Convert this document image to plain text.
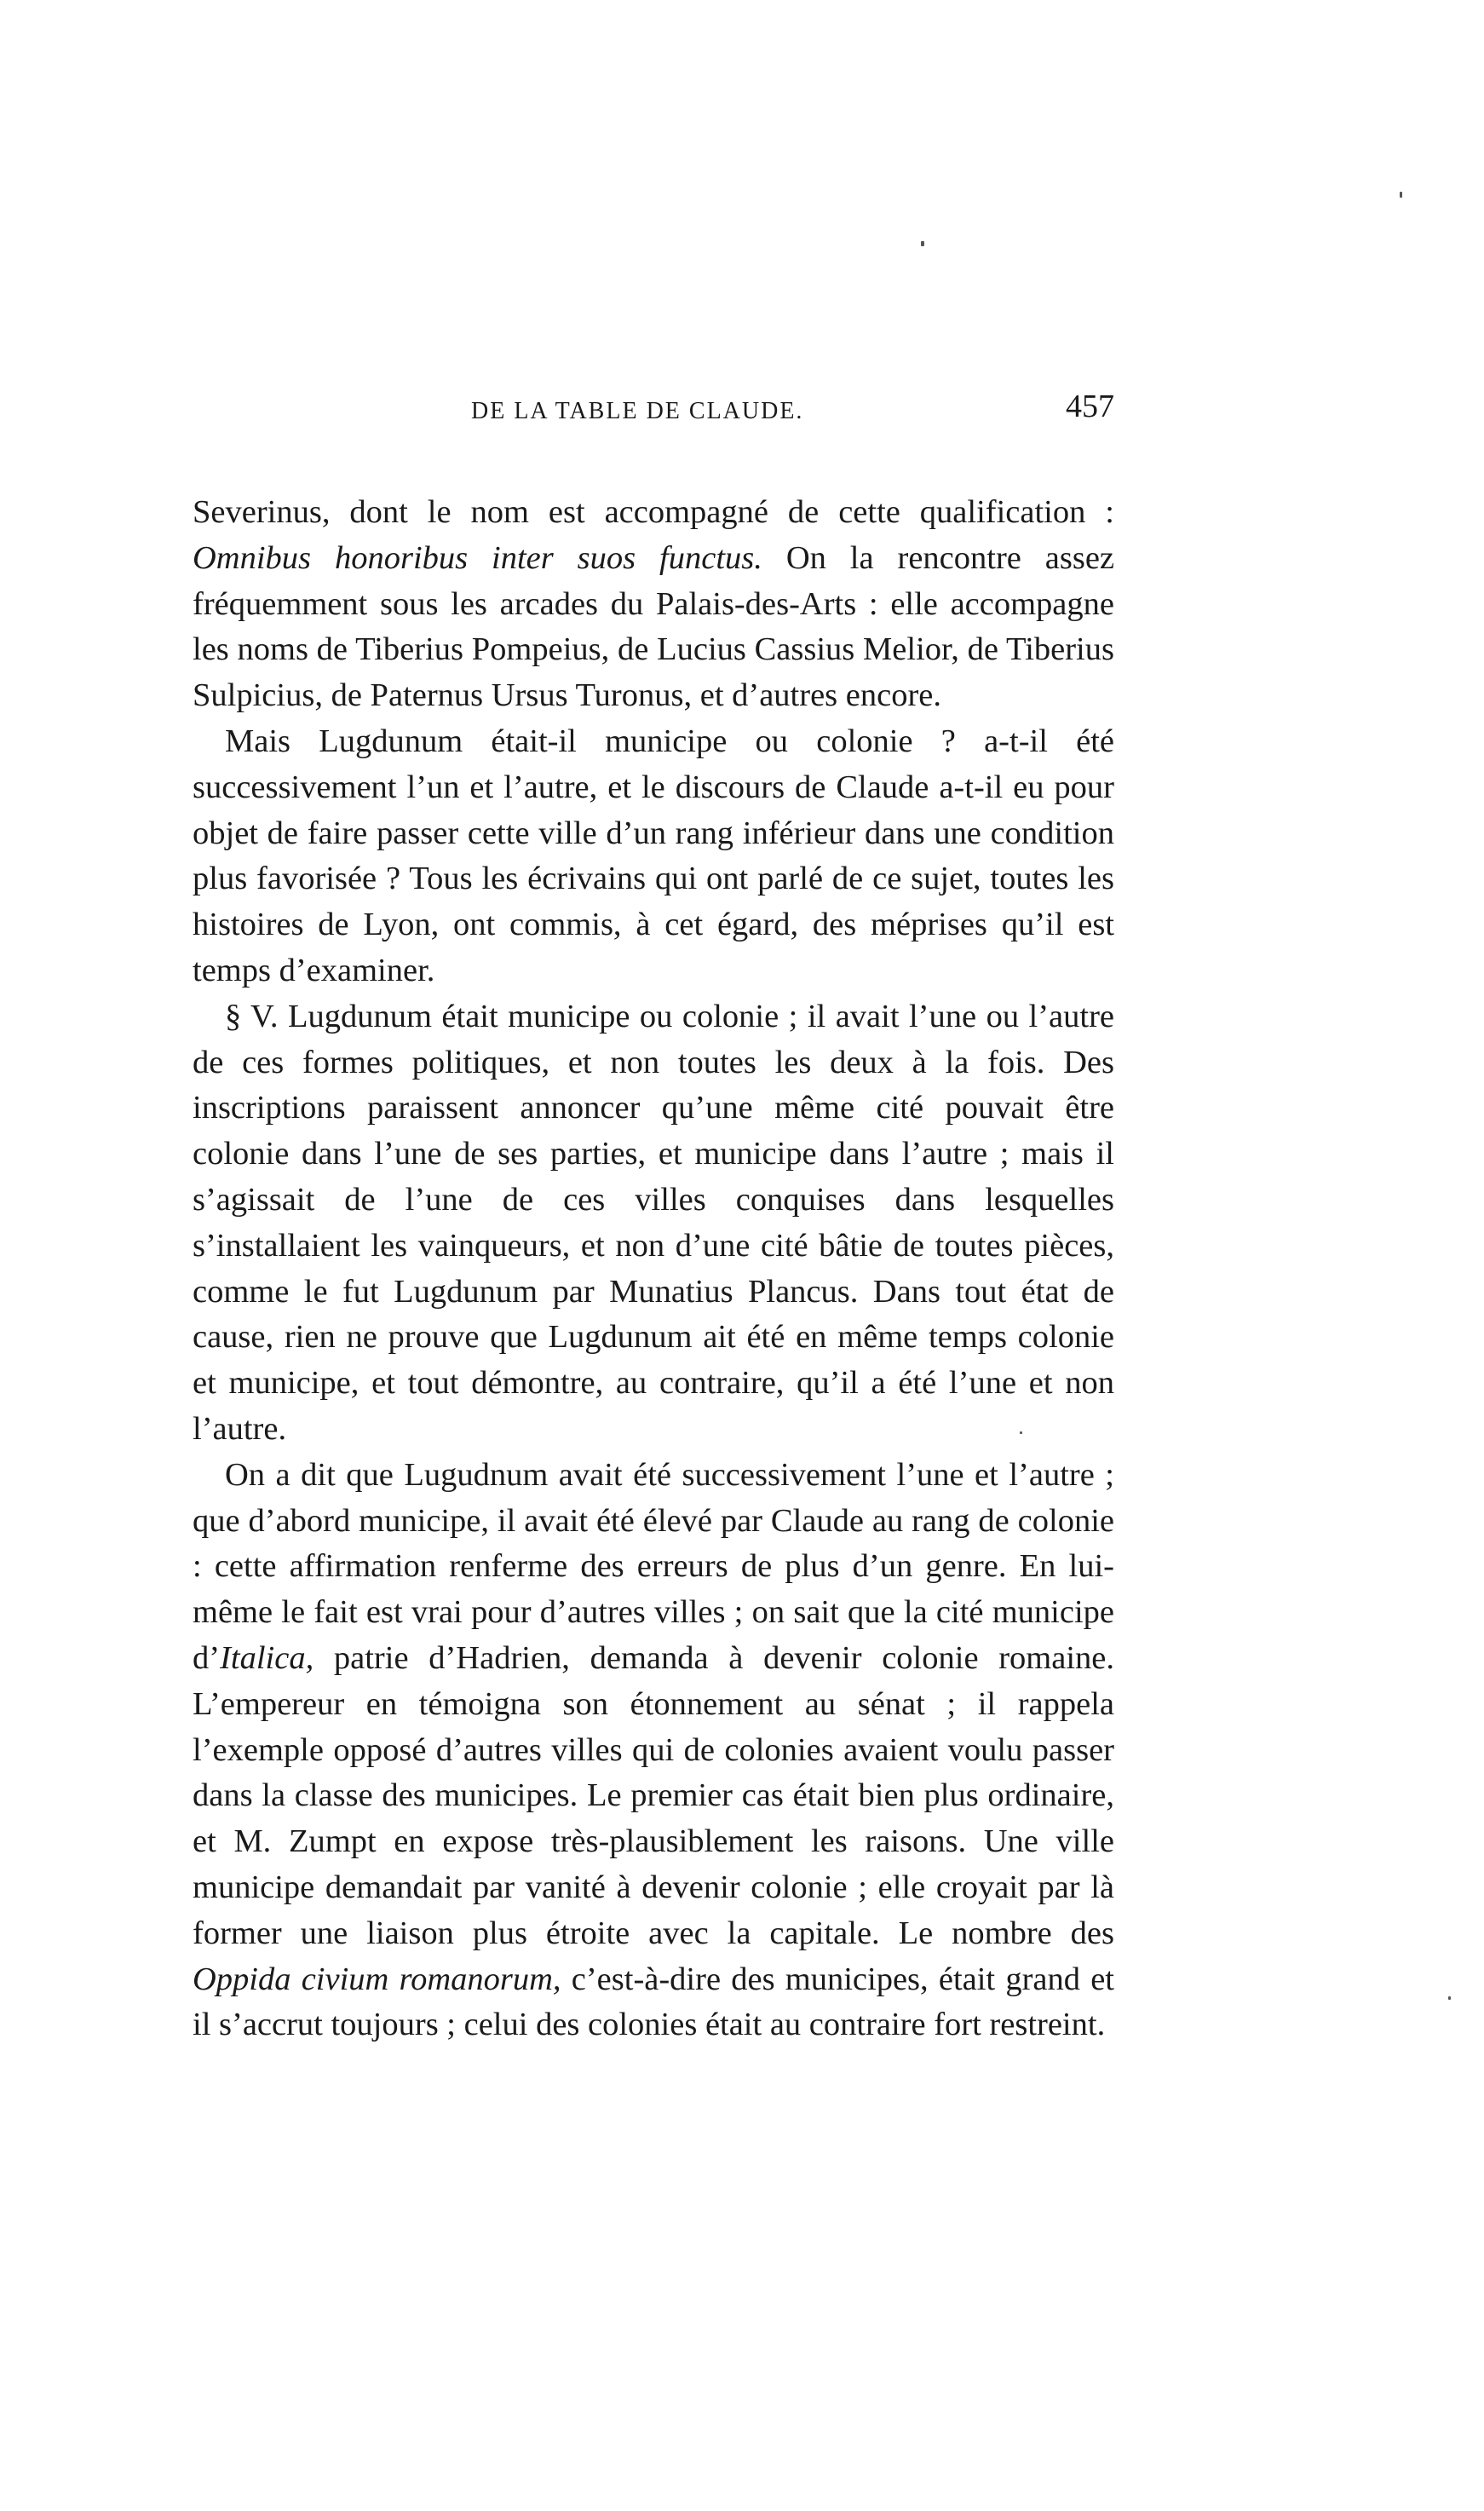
DE LA TABLE DE CLAUDE.	457

Severinus, dont le nom est accompagné de cette qualification : Omnibus honoribus inter suos functus. On la rencontre assez fréquemment sous les arcades du Palais-des-Arts : elle accompagne les noms de Tiberius Pompeius, de Lucius Cassius Melior, de Tiberius Sulpicius, de Paternus Ursus Turonus, et d’autres encore.

Mais Lugdunum était-il municipe ou colonie ? a-t-il été successivement l’un et l’autre, et le discours de Claude a-t-il eu pour objet de faire passer cette ville d’un rang inférieur dans une condition plus favorisée ? Tous les écrivains qui ont parlé de ce sujet, toutes les histoires de Lyon, ont commis, à cet égard, des méprises qu’il est temps d’examiner.

§ V. Lugdunum était municipe ou colonie ; il avait l’une ou l’autre de ces formes politiques, et non toutes les deux à la fois. Des inscriptions paraissent annoncer qu’une même cité pouvait être colonie dans l’une de ses parties, et municipe dans l’autre ; mais il s’agissait de l’une de ces villes conquises dans lesquelles s’installaient les vainqueurs, et non d’une cité bâtie de toutes pièces, comme le fut Lugdunum par Munatius Plancus. Dans tout état de cause, rien ne prouve que Lugdunum ait été en même temps colonie et municipe, et tout démontre, au contraire, qu’il a été l’une et non l’autre.

On a dit que Lugudnum avait été successivement l’une et l’autre ; que d’abord municipe, il avait été élevé par Claude au rang de colonie : cette affirmation renferme des erreurs de plus d’un genre. En lui-même le fait est vrai pour d’autres villes ; on sait que la cité municipe d’Italica, patrie d’Hadrien, demanda à devenir colonie romaine. L’empereur en témoigna son étonnement au sénat ; il rappela l’exemple opposé d’autres villes qui de colonies avaient voulu passer dans la classe des municipes. Le premier cas était bien plus ordinaire, et M. Zumpt en expose très-plausiblement les raisons. Une ville municipe demandait par vanité à devenir colonie ; elle croyait par là former une liaison plus étroite avec la capitale. Le nombre des Oppida civium romanorum, c’est-à-dire des municipes, était grand et il s’accrut toujours ; celui des colonies était au contraire fort restreint.
